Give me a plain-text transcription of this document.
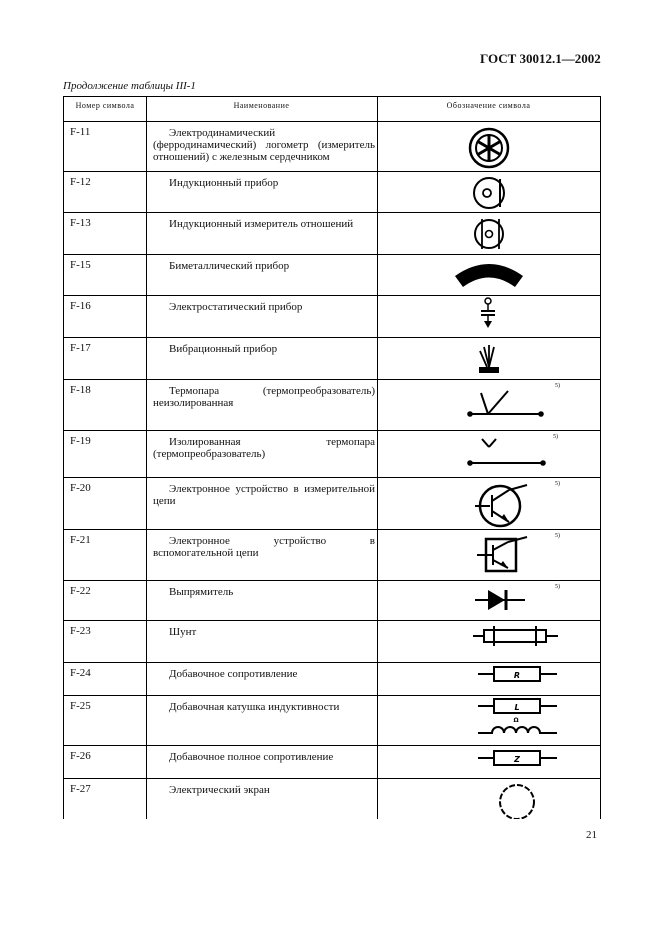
ГОСТ 30012.1—2002
Продолжение таблицы III-1
Номер символа	Наименование	Обозначение символа
F-11	Электродинамический (ферродинамический) логометр (измеритель отношений) с железным сердечником
F-12	Индукционный прибор
F-13	Индукционный измеритель отношений
F-15	Биметаллический прибор
F-16	Электростатический прибор
F-17	Вибрационный прибор
F-18	Термопара (термопреобразователь) неизолированная
5)
F-19	Изолированная термопара (термопреобразователь)
5)
F-20	Электронное устройство в измерительной цепи
5)
F-21	Электронное устройство в вспомогательной цепи
5)
F-22	Выпрямитель	5)
F-23	Шунт
F-24	Добавочное сопротивление	R
F-25	Добавочная катушка индуктивности	L
Ω
F-26	Добавочное полное сопротивление	Z
F-27	Электрический экран
21
